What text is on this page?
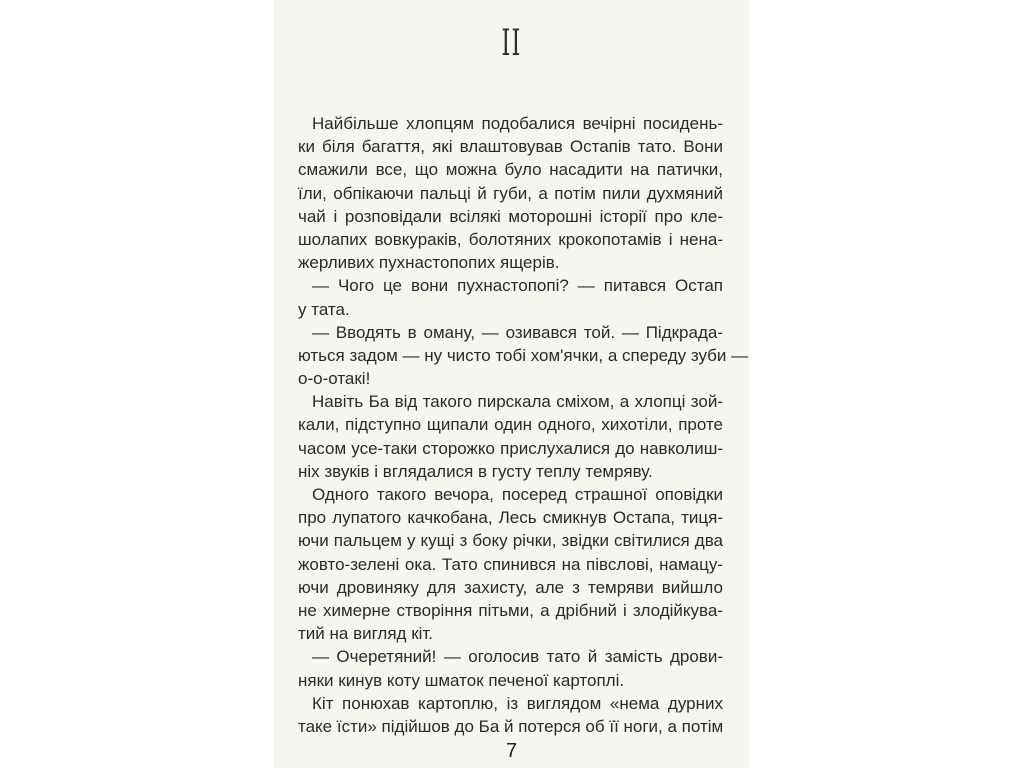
II
Найбільше хлопцям подобалися вечірні посидень-
ки біля багаття, які влаштовував Остапів тато. Вони
смажили все, що можна було насадити на патички,
їли, обпікаючи пальці й губи, а потім пили духмяний
чай і розповідали всілякі моторошні історії про кле-
шолапих вовкураків, болотяних крокопотамів і нена-
жерливих пухнастопопих ящерів.
— Чого це вони пухнастопопі? — питався Остап
у тата.
— Вводять в оману, — озивався той. — Підкрада-
ються задом — ну чисто тобі хом'ячки, а спереду зуби —
о-о-отакі!
Навіть Ба від такого пирскала сміхом, а хлопці зой-
кали, підступно щипали один одного, хихотіли, проте
часом усе-таки сторожко прислухалися до навколиш-
ніх звуків і вглядалися в густу теплу темряву.
Одного такого вечора, посеред страшної оповідки
про лупатого качкобана, Лесь смикнув Остапа, тиця-
ючи пальцем у кущі з боку річки, звідки світилися два
жовто-зелені ока. Тато спинився на півслові, намацу-
ючи дровиняку для захисту, але з темряви вийшло
не химерне створіння пітьми, а дрібний і злодійкува-
тий на вигляд кіт.
— Очеретяний! — оголосив тато й замість дрови-
няки кинув коту шматок печеної картоплі.
Кіт понюхав картоплю, із виглядом «нема дурних
таке їсти» підійшов до Ба й потерся об її ноги, а потім
7
